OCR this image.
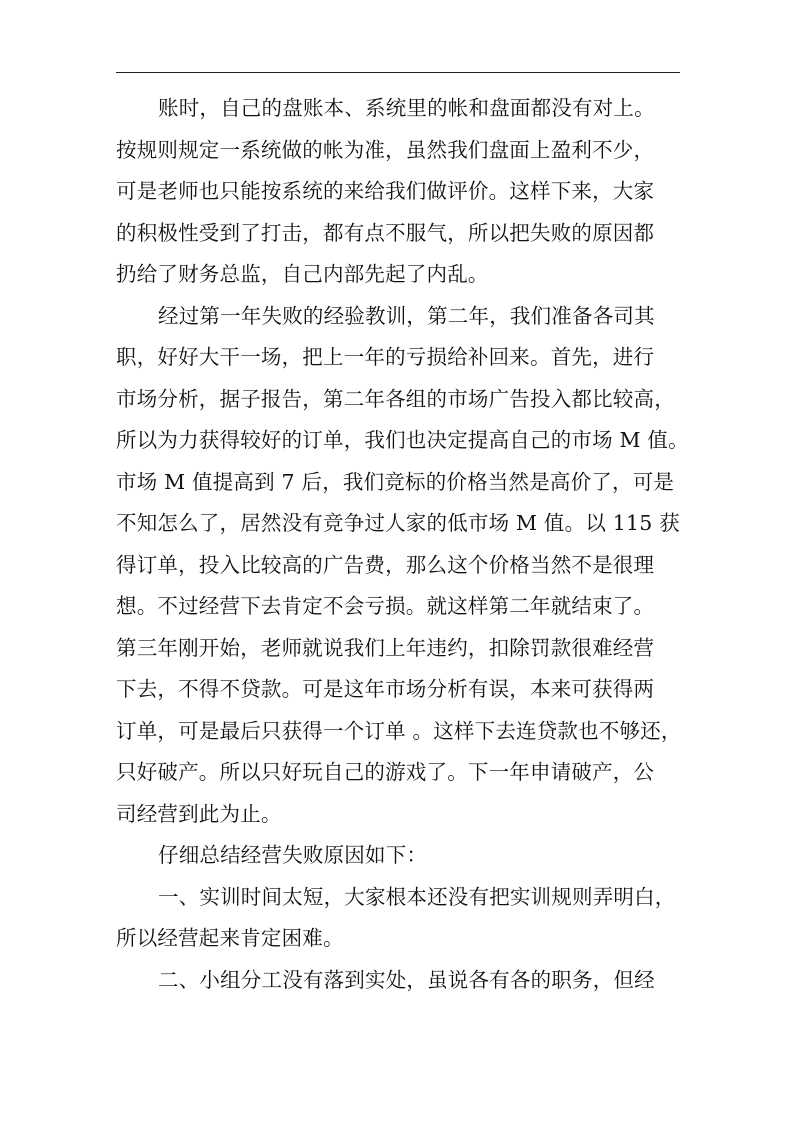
账时，自己的盘账本、系统里的帐和盘面都没有对上。
按规则规定一系统做的帐为准，虽然我们盘面上盈利不少，
可是老师也只能按系统的来给我们做评价。这样下来，大家
的积极性受到了打击，都有点不服气，所以把失败的原因都
扔给了财务总监，自己内部先起了内乱。
经过第一年失败的经验教训，第二年，我们准备各司其
职，好好大干一场，把上一年的亏损给补回来。首先，进行
市场分析，据子报告，第二年各组的市场广告投入都比较高，
所以为力获得较好的订单，我们也决定提高自己的市场 M 值。
市场 M 值提高到 7 后，我们竞标的价格当然是高价了，可是
不知怎么了，居然没有竞争过人家的低市场 M 值。以 115 获
得订单，投入比较高的广告费，那么这个价格当然不是很理
想。不过经营下去肯定不会亏损。就这样第二年就结束了。
第三年刚开始，老师就说我们上年违约，扣除罚款很难经营
下去，不得不贷款。可是这年市场分析有误，本来可获得两
订单，可是最后只获得一个订单 。这样下去连贷款也不够还，
只好破产。所以只好玩自己的游戏了。下一年申请破产，公
司经营到此为止。
仔细总结经营失败原因如下：
一、实训时间太短，大家根本还没有把实训规则弄明白，
所以经营起来肯定困难。
二、小组分工没有落到实处，虽说各有各的职务，但经
